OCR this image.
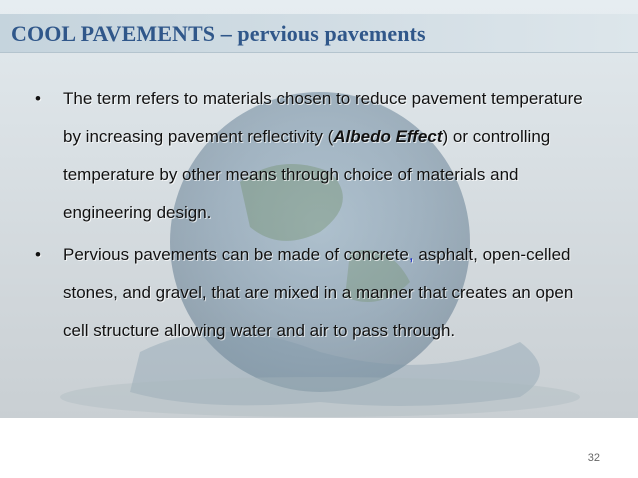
COOL PAVEMENTS – pervious pavements
• The term refers to materials chosen to reduce pavement temperature by increasing pavement reflectivity (Albedo Effect) or controlling temperature by other means through choice of materials and engineering design.
• Pervious pavements can be made of concrete, asphalt, open-celled stones, and gravel, that are mixed in a manner that creates an open cell structure allowing water and air to pass through.
32
